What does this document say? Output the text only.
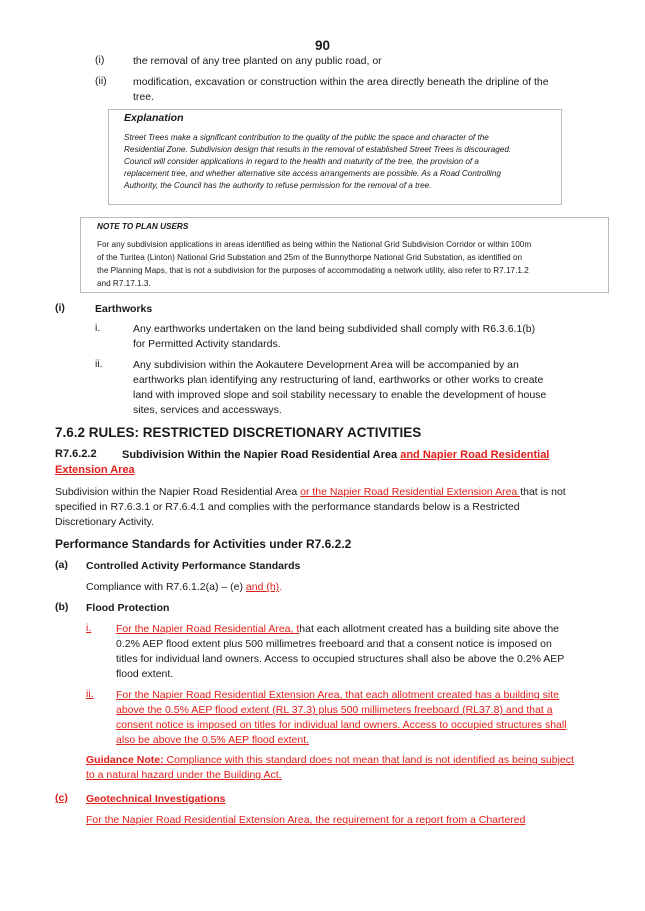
90
(i)	the removal of any tree planted on any public road, or
(ii)	modification, excavation or construction within the area directly beneath the dripline of the
tree.
Explanation
Street Trees make a significant contribution to the quality of the public the space and character of the
Residential Zone. Subdivision design that results in the removal of established Street Trees is discouraged.
Council will consider applications in regard to the health and maturity of the tree, the provision of a
replacement tree, and whether alternative site access arrangements are possible. As a Road Controlling
Authority, the Council has the authority to refuse permission for the removal of a tree.
NOTE TO PLAN USERS
For any subdivision applications in areas identified as being within the National Grid Subdivision Corridor or within 100m
of the Turitea (Linton) National Grid Substation and 25m of the Bunnythorpe National Grid Substation, as identified on
the Planning Maps, that is not a subdivision for the purposes of accommodating a network utility, also refer to R7.17.1.2
and R7.17.1.3.
(i)	Earthworks
i.	Any earthworks undertaken on the land being subdivided shall comply with R6.3.6.1(b)
for Permitted Activity standards.
ii.	Any subdivision within the Aokautere Development Area will be accompanied by an
earthworks plan identifying any restructuring of land, earthworks or other works to create
land with improved slope and soil stability necessary to enable the development of house
sites, services and accessways.
7.6.2 RULES: RESTRICTED DISCRETIONARY ACTIVITIES
R7.6.2.2 Subdivision Within the Napier Road Residential Area and Napier Road Residential
Extension Area
Subdivision within the Napier Road Residential Area or the Napier Road Residential Extension Area that is not
specified in R7.6.3.1 or R7.6.4.1 and complies with the performance standards below is a Restricted
Discretionary Activity.
Performance Standards for Activities under R7.6.2.2
(a) Controlled Activity Performance Standards
Compliance with R7.6.1.2(a) – (e) and (h).
(b) Flood Protection
i. For the Napier Road Residential Area, that each allotment created has a building site above the
0.2% AEP flood extent plus 500 millimetres freeboard and that a consent notice is imposed on
titles for individual land owners. Access to occupied structures shall also be above the 0.2% AEP
flood extent.
ii. For the Napier Road Residential Extension Area, that each allotment created has a building site
above the 0.5% AEP flood extent (RL 37.3) plus 500 millimeters freeboard (RL37.8) and that a
consent notice is imposed on titles for individual land owners. Access to occupied structures shall
also be above the 0.5% AEP flood extent.
Guidance Note: Compliance with this standard does not mean that land is not identified as being subject
to a natural hazard under the Building Act.
(c) Geotechnical Investigations
For the Napier Road Residential Extension Area, the requirement for a report from a Chartered
